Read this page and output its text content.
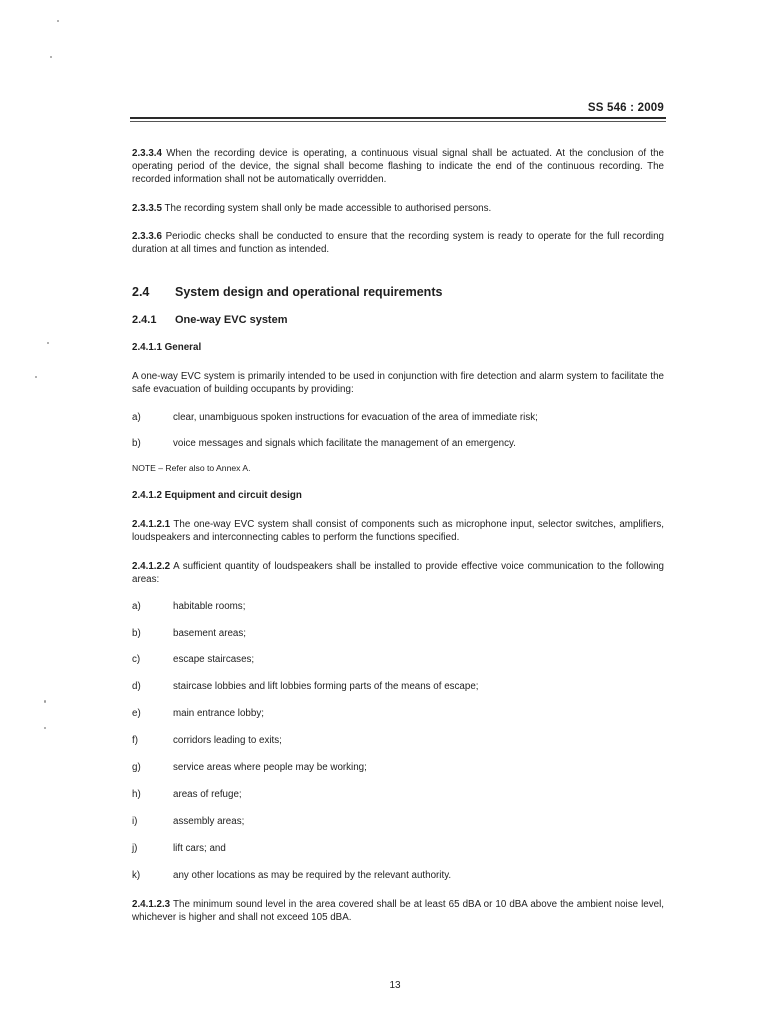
SS 546 : 2009
2.3.3.4 When the recording device is operating, a continuous visual signal shall be actuated. At the conclusion of the operating period of the device, the signal shall become flashing to indicate the end of the continuous recording. The recorded information shall not be automatically overridden.
2.3.3.5 The recording system shall only be made accessible to authorised persons.
2.3.3.6 Periodic checks shall be conducted to ensure that the recording system is ready to operate for the full recording duration at all times and function as intended.
2.4 System design and operational requirements
2.4.1 One-way EVC system
2.4.1.1 General
A one-way EVC system is primarily intended to be used in conjunction with fire detection and alarm system to facilitate the safe evacuation of building occupants by providing:
a)	clear, unambiguous spoken instructions for evacuation of the area of immediate risk;
b)	voice messages and signals which facilitate the management of an emergency.
NOTE – Refer also to Annex A.
2.4.1.2 Equipment and circuit design
2.4.1.2.1 The one-way EVC system shall consist of components such as microphone input, selector switches, amplifiers, loudspeakers and interconnecting cables to perform the functions specified.
2.4.1.2.2 A sufficient quantity of loudspeakers shall be installed to provide effective voice communication to the following areas:
a)	habitable rooms;
b)	basement areas;
c)	escape staircases;
d)	staircase lobbies and lift lobbies forming parts of the means of escape;
e)	main entrance lobby;
f)	corridors leading to exits;
g)	service areas where people may be working;
h)	areas of refuge;
i)	assembly areas;
j)	lift cars; and
k)	any other locations as may be required by the relevant authority.
2.4.1.2.3 The minimum sound level in the area covered shall be at least 65 dBA or 10 dBA above the ambient noise level, whichever is higher and shall not exceed 105 dBA.
13
